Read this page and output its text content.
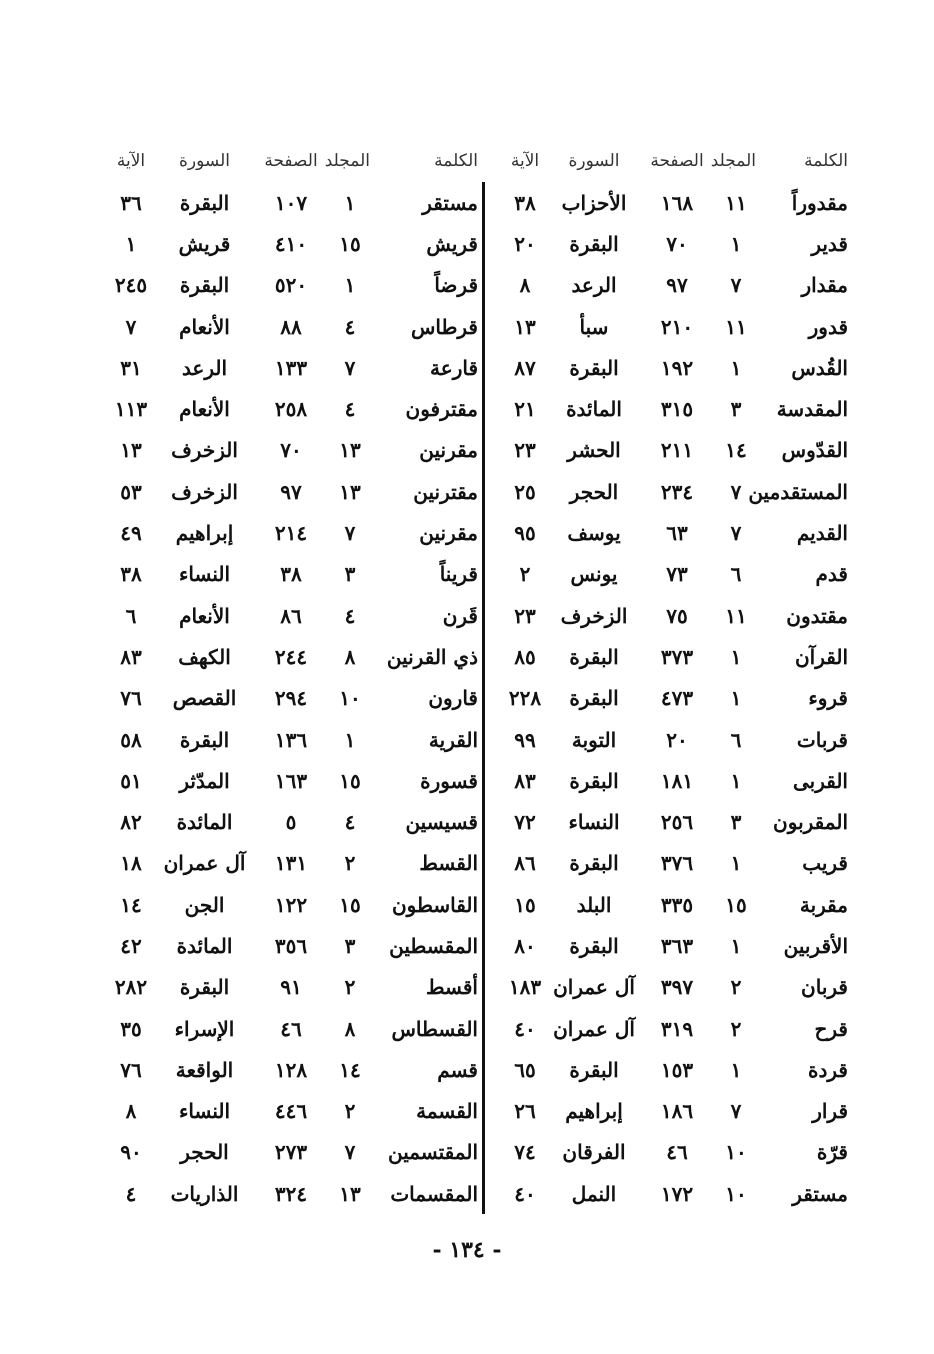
الكلمة
المجلد
الصفحة
السورة
الآية
مقدوراً
١١
١٦٨
الأحزاب
٣٨
قدير
١
٧٠
البقرة
٢٠
مقدار
٧
٩٧
الرعد
٨
قدور
١١
٢١٠
سبأ
١٣
القُدس
١
١٩٢
البقرة
٨٧
المقدسة
٣
٣١٥
المائدة
٢١
القدّوس
١٤
٢١١
الحشر
٢٣
المستقدمين
٧
٢٣٤
الحجر
٢٥
القديم
٧
٦٣
يوسف
٩٥
قدم
٦
٧٣
يونس
٢
مقتدون
١١
٧٥
الزخرف
٢٣
القرآن
١
٣٧٣
البقرة
٨٥
قروء
١
٤٧٣
البقرة
٢٢٨
قربات
٦
٢٠
التوبة
٩٩
القربى
١
١٨١
البقرة
٨٣
المقربون
٣
٢٥٦
النساء
٧٢
قريب
١
٣٧٦
البقرة
٨٦
مقربة
١٥
٣٣٥
البلد
١٥
الأقربين
١
٣٦٣
البقرة
٨٠
قربان
٢
٣٩٧
آل عمران
١٨٣
قرح
٢
٣١٩
آل عمران
٤٠
قردة
١
١٥٣
البقرة
٦٥
قرار
٧
١٨٦
إبراهيم
٢٦
قرّة
١٠
٤٦
الفرقان
٧٤
مستقر
١٠
١٧٢
النمل
٤٠
الكلمة
المجلد
الصفحة
السورة
الآية
مستقر
١
١٠٧
البقرة
٣٦
قريش
١٥
٤١٠
قريش
١
قرضاً
١
٥٢٠
البقرة
٢٤٥
قرطاس
٤
٨٨
الأنعام
٧
قارعة
٧
١٣٣
الرعد
٣١
مقترفون
٤
٢٥٨
الأنعام
١١٣
مقرنين
١٣
٧٠
الزخرف
١٣
مقترنين
١٣
٩٧
الزخرف
٥٣
مقرنين
٧
٢١٤
إبراهيم
٤٩
قريناً
٣
٣٨
النساء
٣٨
قَرن
٤
٨٦
الأنعام
٦
ذي القرنين
٨
٢٤٤
الكهف
٨٣
قارون
١٠
٢٩٤
القصص
٧٦
القرية
١
١٣٦
البقرة
٥٨
قسورة
١٥
١٦٣
المدّثر
٥١
قسيسين
٤
٥
المائدة
٨٢
القسط
٢
١٣١
آل عمران
١٨
القاسطون
١٥
١٢٢
الجن
١٤
المقسطين
٣
٣٥٦
المائدة
٤٢
أقسط
٢
٩١
البقرة
٢٨٢
القسطاس
٨
٤٦
الإسراء
٣٥
قسم
١٤
١٢٨
الواقعة
٧٦
القسمة
٢
٤٤٦
النساء
٨
المقتسمين
٧
٢٧٣
الحجر
٩٠
المقسمات
١٣
٣٢٤
الذاريات
٤
- ١٣٤ -
